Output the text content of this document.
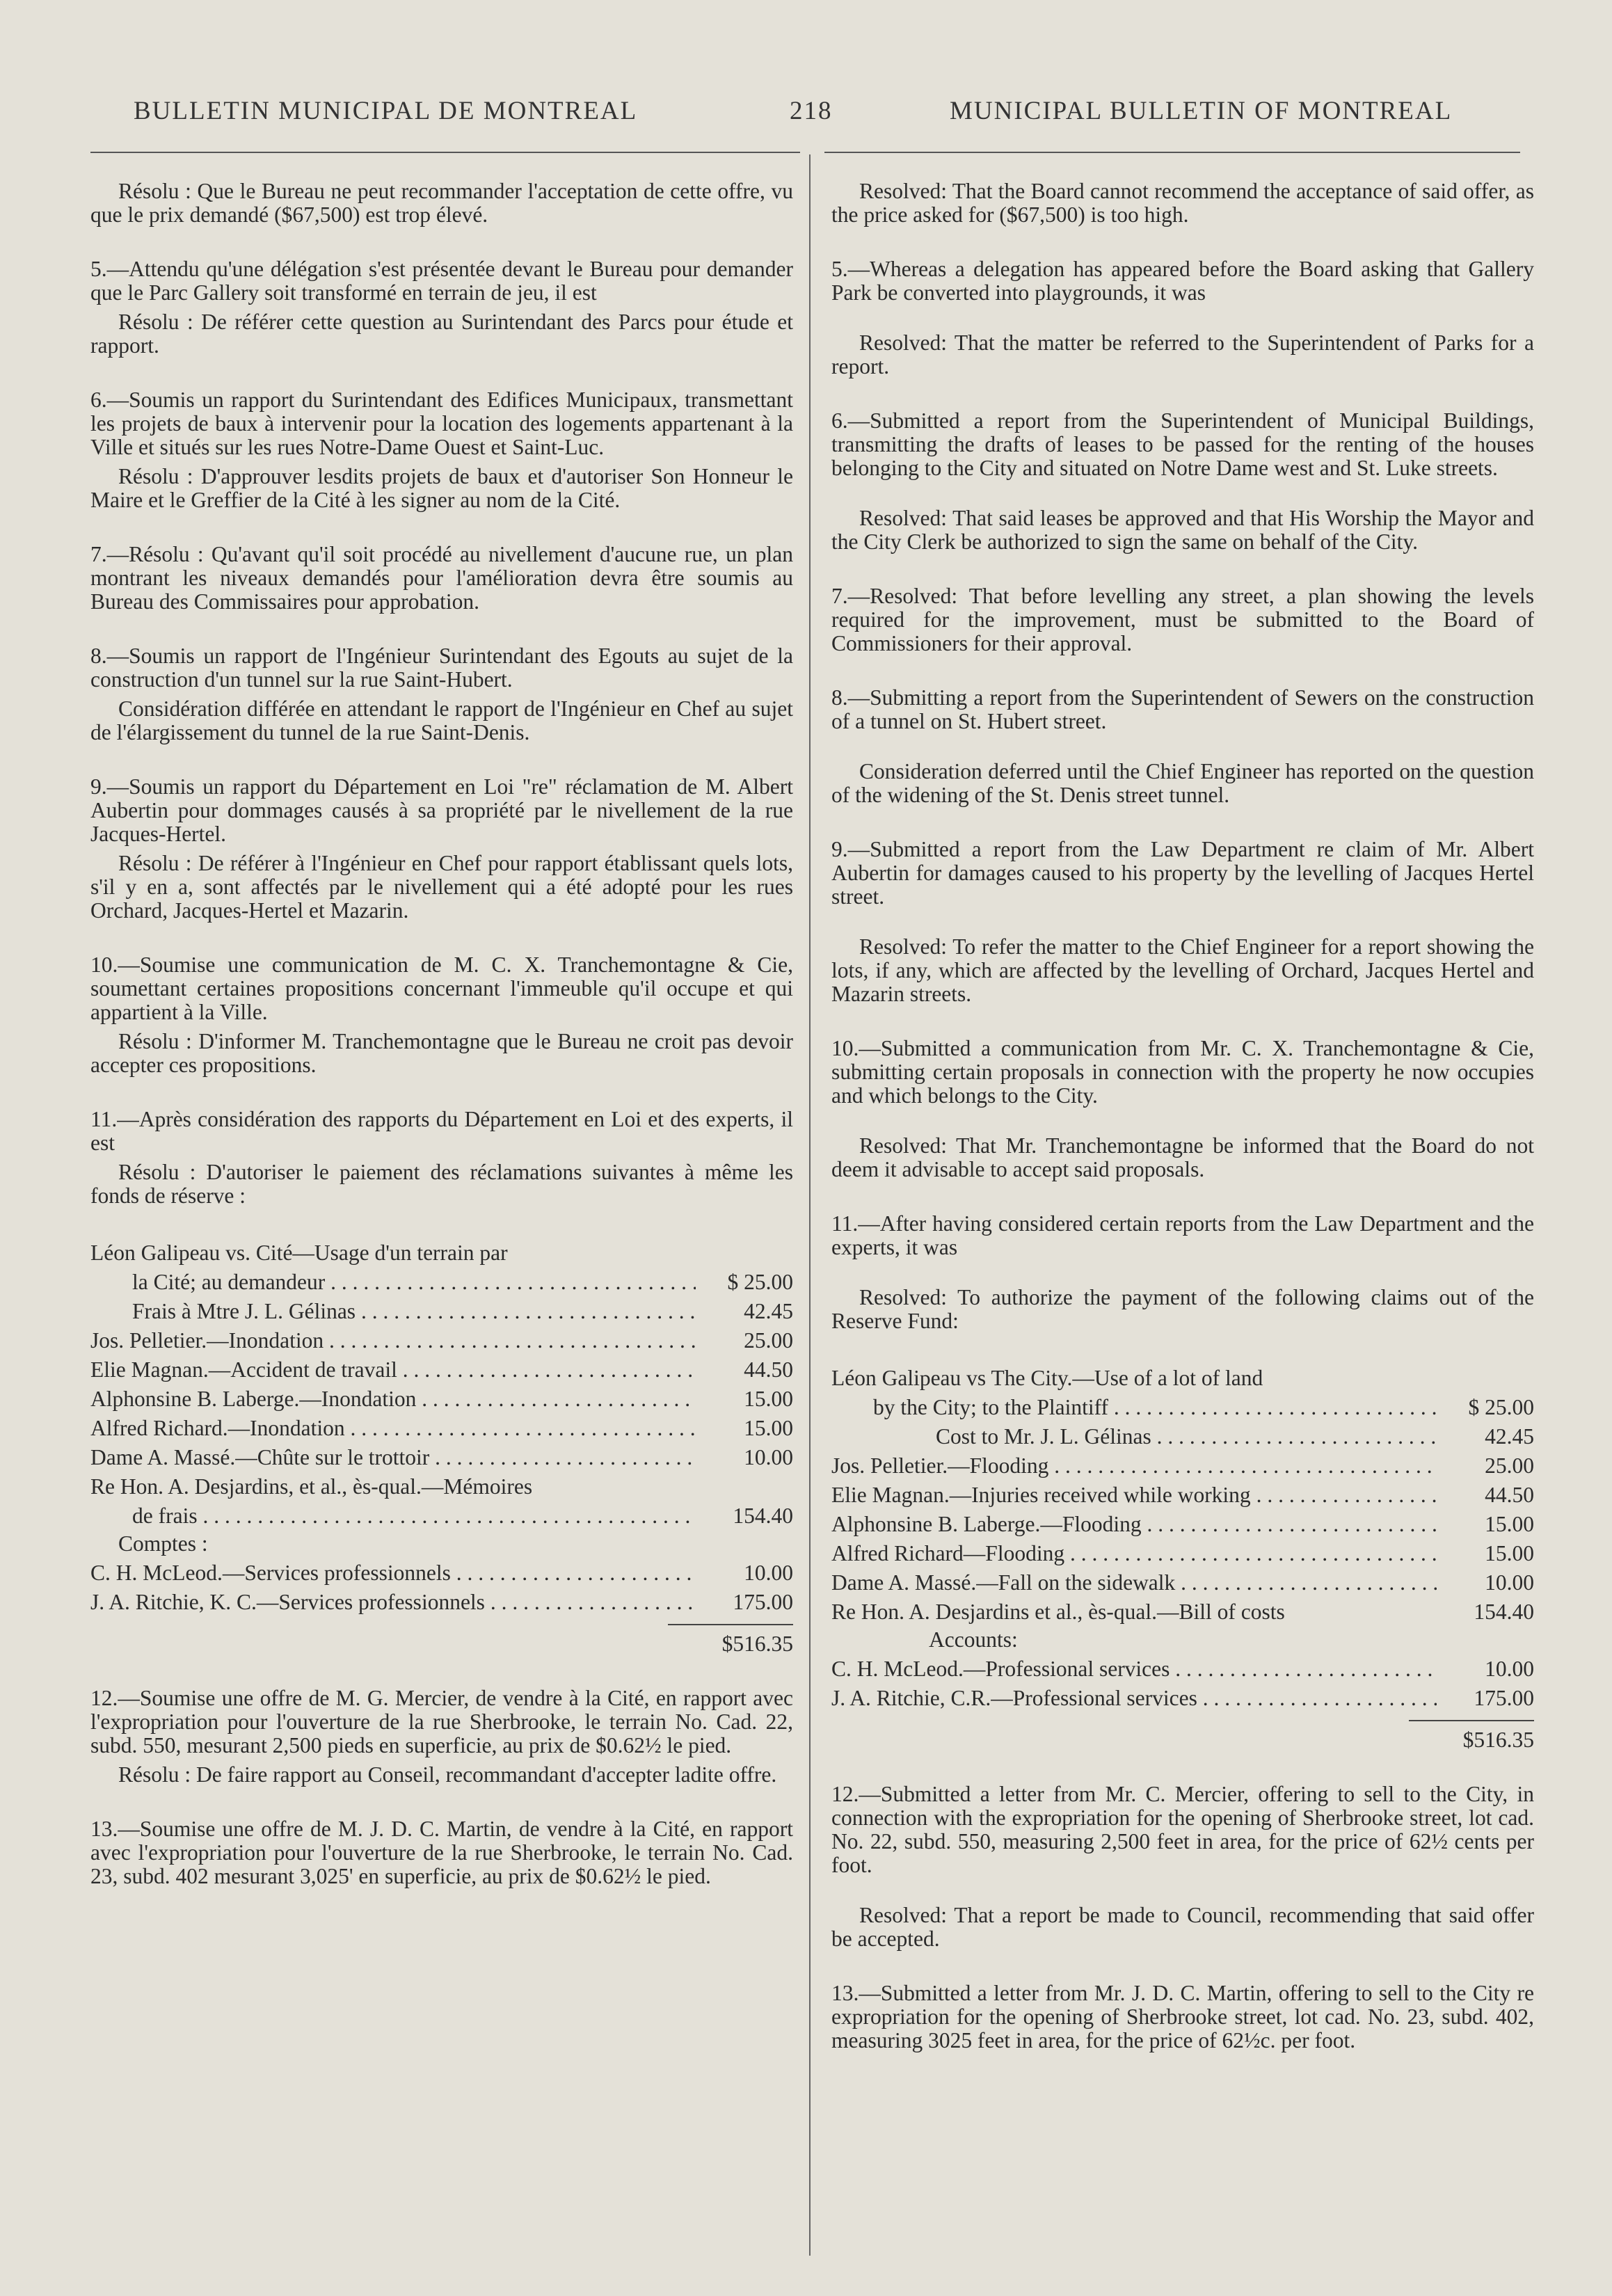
BULLETIN MUNICIPAL DE MONTREAL	218	MUNICIPAL BULLETIN OF MONTREAL

Résolu : Que le Bureau ne peut recommander l'acceptation de cette offre, vu que le prix demandé ($67,500) est trop élevé.

5.—Attendu qu'une délégation s'est présentée devant le Bureau pour demander que le Parc Gallery soit transformé en terrain de jeu, il est

Résolu : De référer cette question au Surintendant des Parcs pour étude et rapport.

6.—Soumis un rapport du Surintendant des Edifices Municipaux, transmettant les projets de baux à intervenir pour la location des logements appartenant à la Ville et situés sur les rues Notre-Dame Ouest et Saint-Luc.

Résolu : D'approuver lesdits projets de baux et d'autoriser Son Honneur le Maire et le Greffier de la Cité à les signer au nom de la Cité.

7.—Résolu : Qu'avant qu'il soit procédé au nivellement d'aucune rue, un plan montrant les niveaux demandés pour l'amélioration devra être soumis au Bureau des Commissaires pour approbation.

8.—Soumis un rapport de l'Ingénieur Surintendant des Egouts au sujet de la construction d'un tunnel sur la rue Saint-Hubert.

Considération différée en attendant le rapport de l'Ingénieur en Chef au sujet de l'élargissement du tunnel de la rue Saint-Denis.

9.—Soumis un rapport du Département en Loi "re" réclamation de M. Albert Aubertin pour dommages causés à sa propriété par le nivellement de la rue Jacques-Hertel.

Résolu : De référer à l'Ingénieur en Chef pour rapport établissant quels lots, s'il y en a, sont affectés par le nivellement qui a été adopté pour les rues Orchard, Jacques-Hertel et Mazarin.

10.—Soumise une communication de M. C. X. Tranchemontagne & Cie, soumettant certaines propositions concernant l'immeuble qu'il occupe et qui appartient à la Ville.

Résolu : D'informer M. Tranchemontagne que le Bureau ne croit pas devoir accepter ces propositions.

11.—Après considération des rapports du Département en Loi et des experts, il est

Résolu : D'autoriser le paiement des réclamations suivantes à même les fonds de réserve :

Léon Galipeau vs. Cité—Usage d'un terrain par
la Cité; au demandeur . . .	$ 25.00
Frais à Mtre J. L. Gélinas . . .	42.45
Jos. Pelletier.—Inondation . . .	25.00
Elie Magnan.—Accident de travail . . .	44.50
Alphonsine B. Laberge.—Inondation . . .	15.00
Alfred Richard.—Inondation . . .	15.00
Dame A. Massé.—Chûte sur le trottoir . . .	10.00
Re Hon. A. Desjardins, et al., ès-qual.—Mémoires
de frais . . .	154.40
Comptes :
C. H. McLeod.—Services professionnels . . .	10.00
J. A. Ritchie, K. C.—Services professionnels . . .	175.00
$516.35

12.—Soumise une offre de M. G. Mercier, de vendre à la Cité, en rapport avec l'expropriation pour l'ouverture de la rue Sherbrooke, le terrain No. Cad. 22, subd. 550, mesurant 2,500 pieds en superficie, au prix de $0.62½ le pied.

Résolu : De faire rapport au Conseil, recommandant d'accepter ladite offre.

13.—Soumise une offre de M. J. D. C. Martin, de vendre à la Cité, en rapport avec l'expropriation pour l'ouverture de la rue Sherbrooke, le terrain No. Cad. 23, subd. 402 mesurant 3,025' en superficie, au prix de $0.62½ le pied.

Resolved: That the Board cannot recommend the acceptance of said offer, as the price asked for ($67,500) is too high.

5.—Whereas a delegation has appeared before the Board asking that Gallery Park be converted into playgrounds, it was

Resolved: That the matter be referred to the Superintendent of Parks for a report.

6.—Submitted a report from the Superintendent of Municipal Buildings, transmitting the drafts of leases to be passed for the renting of the houses belonging to the City and situated on Notre Dame west and St. Luke streets.

Resolved: That said leases be approved and that His Worship the Mayor and the City Clerk be authorized to sign the same on behalf of the City.

7.—Resolved: That before levelling any street, a plan showing the levels required for the improvement, must be submitted to the Board of Commissioners for their approval.

8.—Submitting a report from the Superintendent of Sewers on the construction of a tunnel on St. Hubert street.

Consideration deferred until the Chief Engineer has reported on the question of the widening of the St. Denis street tunnel.

9.—Submitted a report from the Law Department re claim of Mr. Albert Aubertin for damages caused to his property by the levelling of Jacques Hertel street.

Resolved: To refer the matter to the Chief Engineer for a report showing the lots, if any, which are affected by the levelling of Orchard, Jacques Hertel and Mazarin streets.

10.—Submitted a communication from Mr. C. X. Tranchemontagne & Cie, submitting certain proposals in connection with the property he now occupies and which belongs to the City.

Resolved: That Mr. Tranchemontagne be informed that the Board do not deem it advisable to accept said proposals.

11.—After having considered certain reports from the Law Department and the experts, it was

Resolved: To authorize the payment of the following claims out of the Reserve Fund:

Léon Galipeau vs The City.—Use of a lot of land
by the City; to the Plaintiff . . .	$ 25.00
Cost to Mr. J. L. Gélinas . . .	42.45
Jos. Pelletier.—Flooding . . .	25.00
Elie Magnan.—Injuries received while working . . .	44.50
Alphonsine B. Laberge.—Flooding . . .	15.00
Alfred Richard—Flooding . . .	15.00
Dame A. Massé.—Fall on the sidewalk . . .	10.00
Re Hon. A. Desjardins et al., ès-qual.—Bill of costs	154.40
Accounts:
C. H. McLeod.—Professional services . . .	10.00
J. A. Ritchie, C.R.—Professional services . . .	175.00
$516.35

12.—Submitted a letter from Mr. C. Mercier, offering to sell to the City, in connection with the expropriation for the opening of Sherbrooke street, lot cad. No. 22, subd. 550, measuring 2,500 feet in area, for the price of 62½ cents per foot.

Resolved: That a report be made to Council, recommending that said offer be accepted.

13.—Submitted a letter from Mr. J. D. C. Martin, offering to sell to the City re expropriation for the opening of Sherbrooke street, lot cad. No. 23, subd. 402, measuring 3025 feet in area, for the price of 62½c. per foot.
